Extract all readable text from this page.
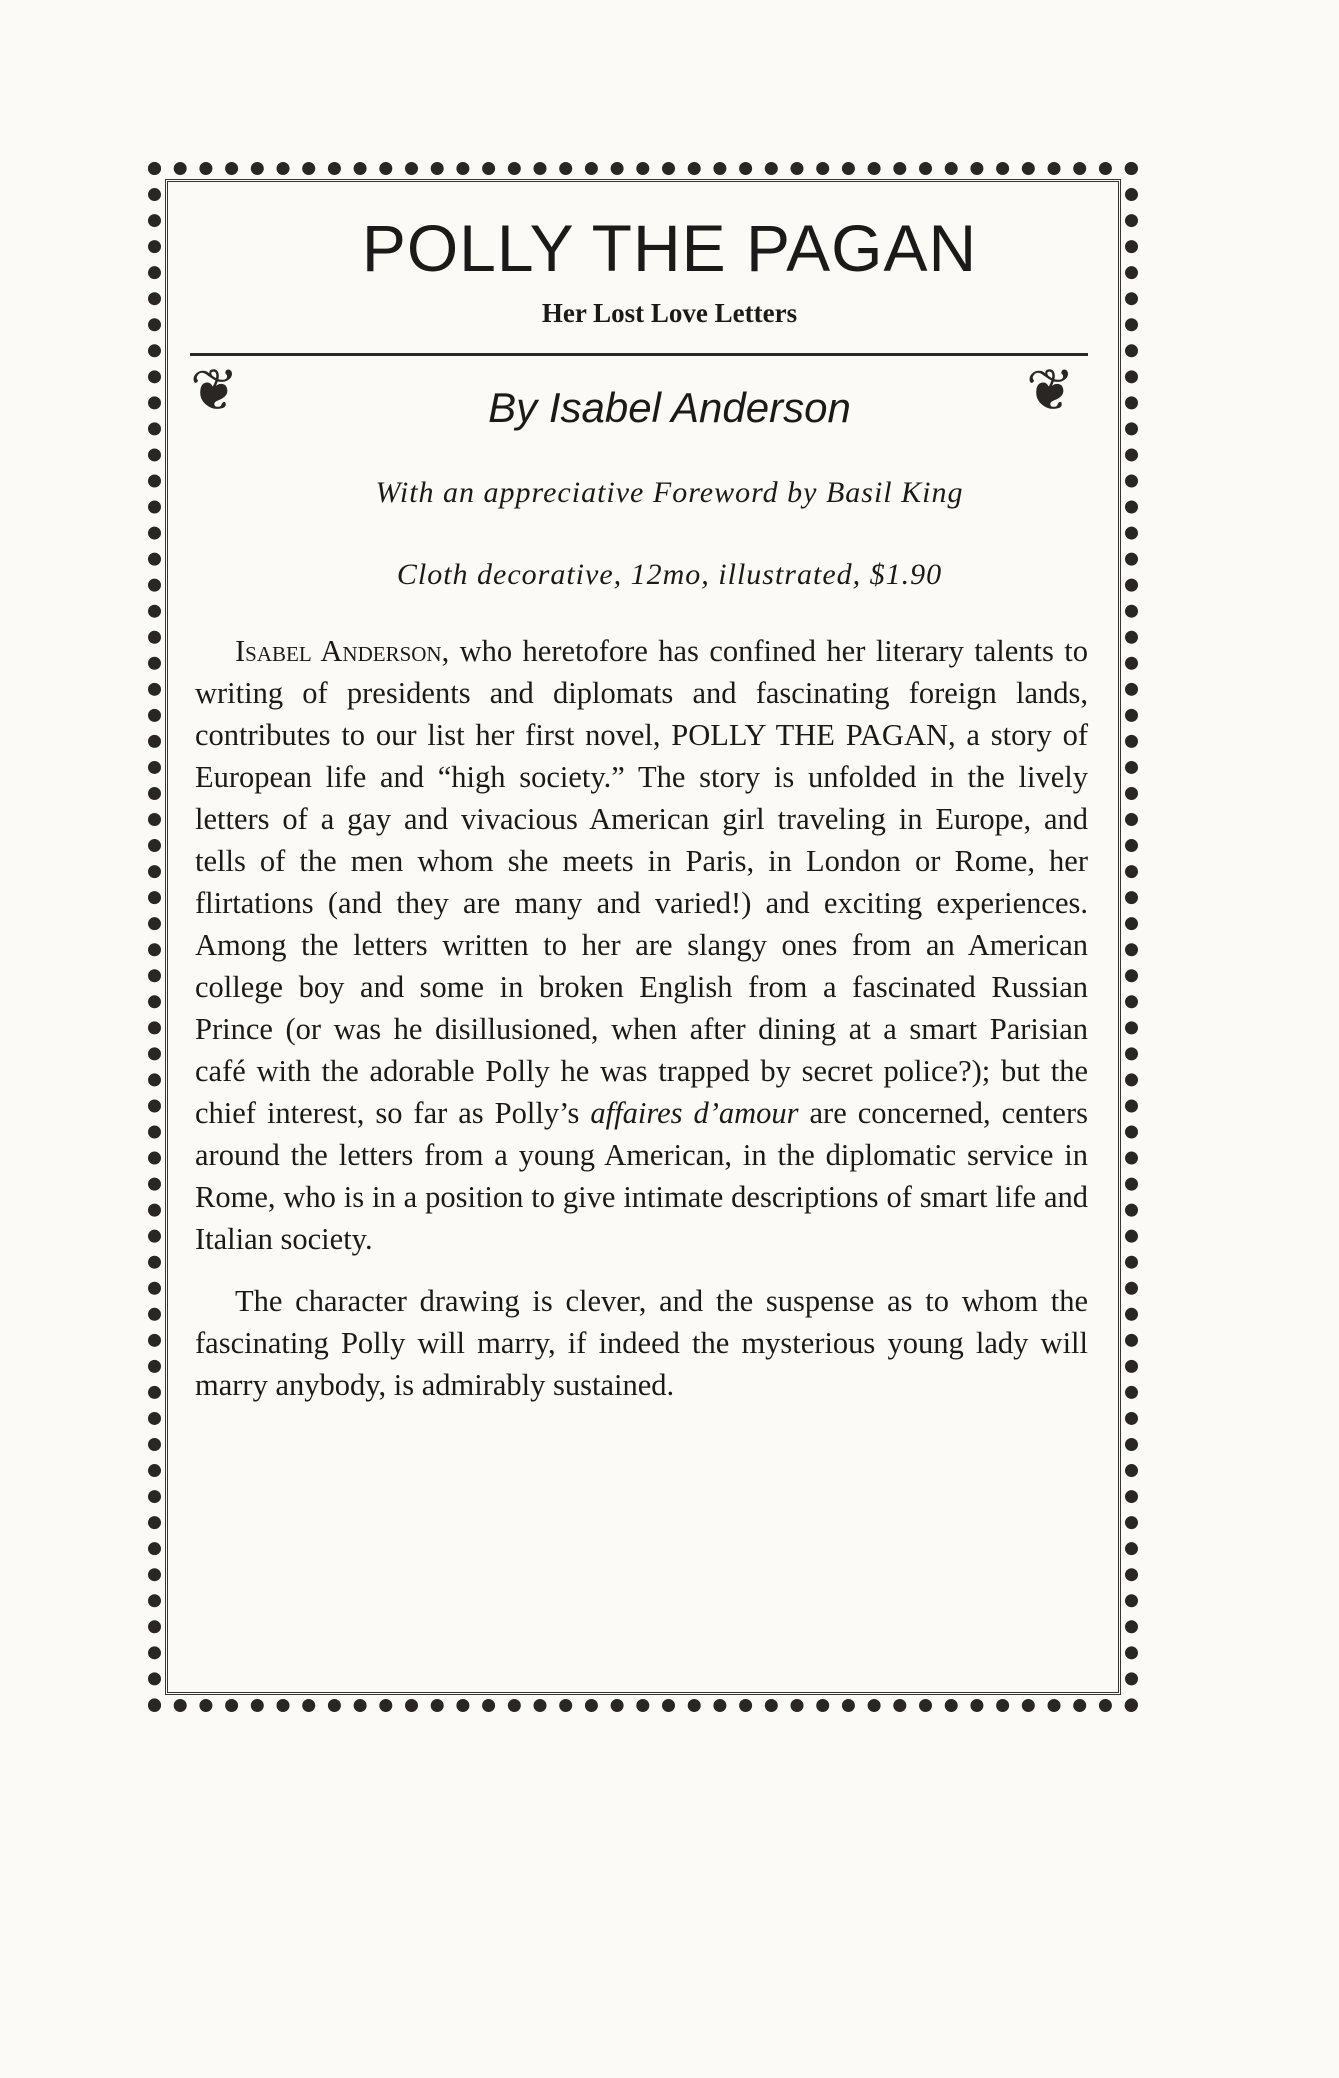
POLLY THE PAGAN
Her Lost Love Letters
❦	By Isabel Anderson	❦
With an appreciative Foreword by Basil King
Cloth decorative, 12mo, illustrated, $1.90

Isabel Anderson, who heretofore has confined her literary talents to writing of presidents and diplomats and fascinating foreign lands, contributes to our list her first novel, POLLY THE PAGAN, a story of European life and “high society.” The story is unfolded in the lively letters of a gay and vivacious American girl traveling in Europe, and tells of the men whom she meets in Paris, in London or Rome, her flirtations (and they are many and varied!) and exciting experiences. Among the letters written to her are slangy ones from an American college boy and some in broken English from a fascinated Russian Prince (or was he disillusioned, when after dining at a smart Parisian café with the adorable Polly he was trapped by secret police?); but the chief interest, so far as Polly’s affaires d’amour are concerned, centers around the letters from a young American, in the diplomatic service in Rome, who is in a position to give intimate descriptions of smart life and Italian society.

The character drawing is clever, and the suspense as to whom the fascinating Polly will marry, if indeed the mysterious young lady will marry anybody, is admirably sustained.
